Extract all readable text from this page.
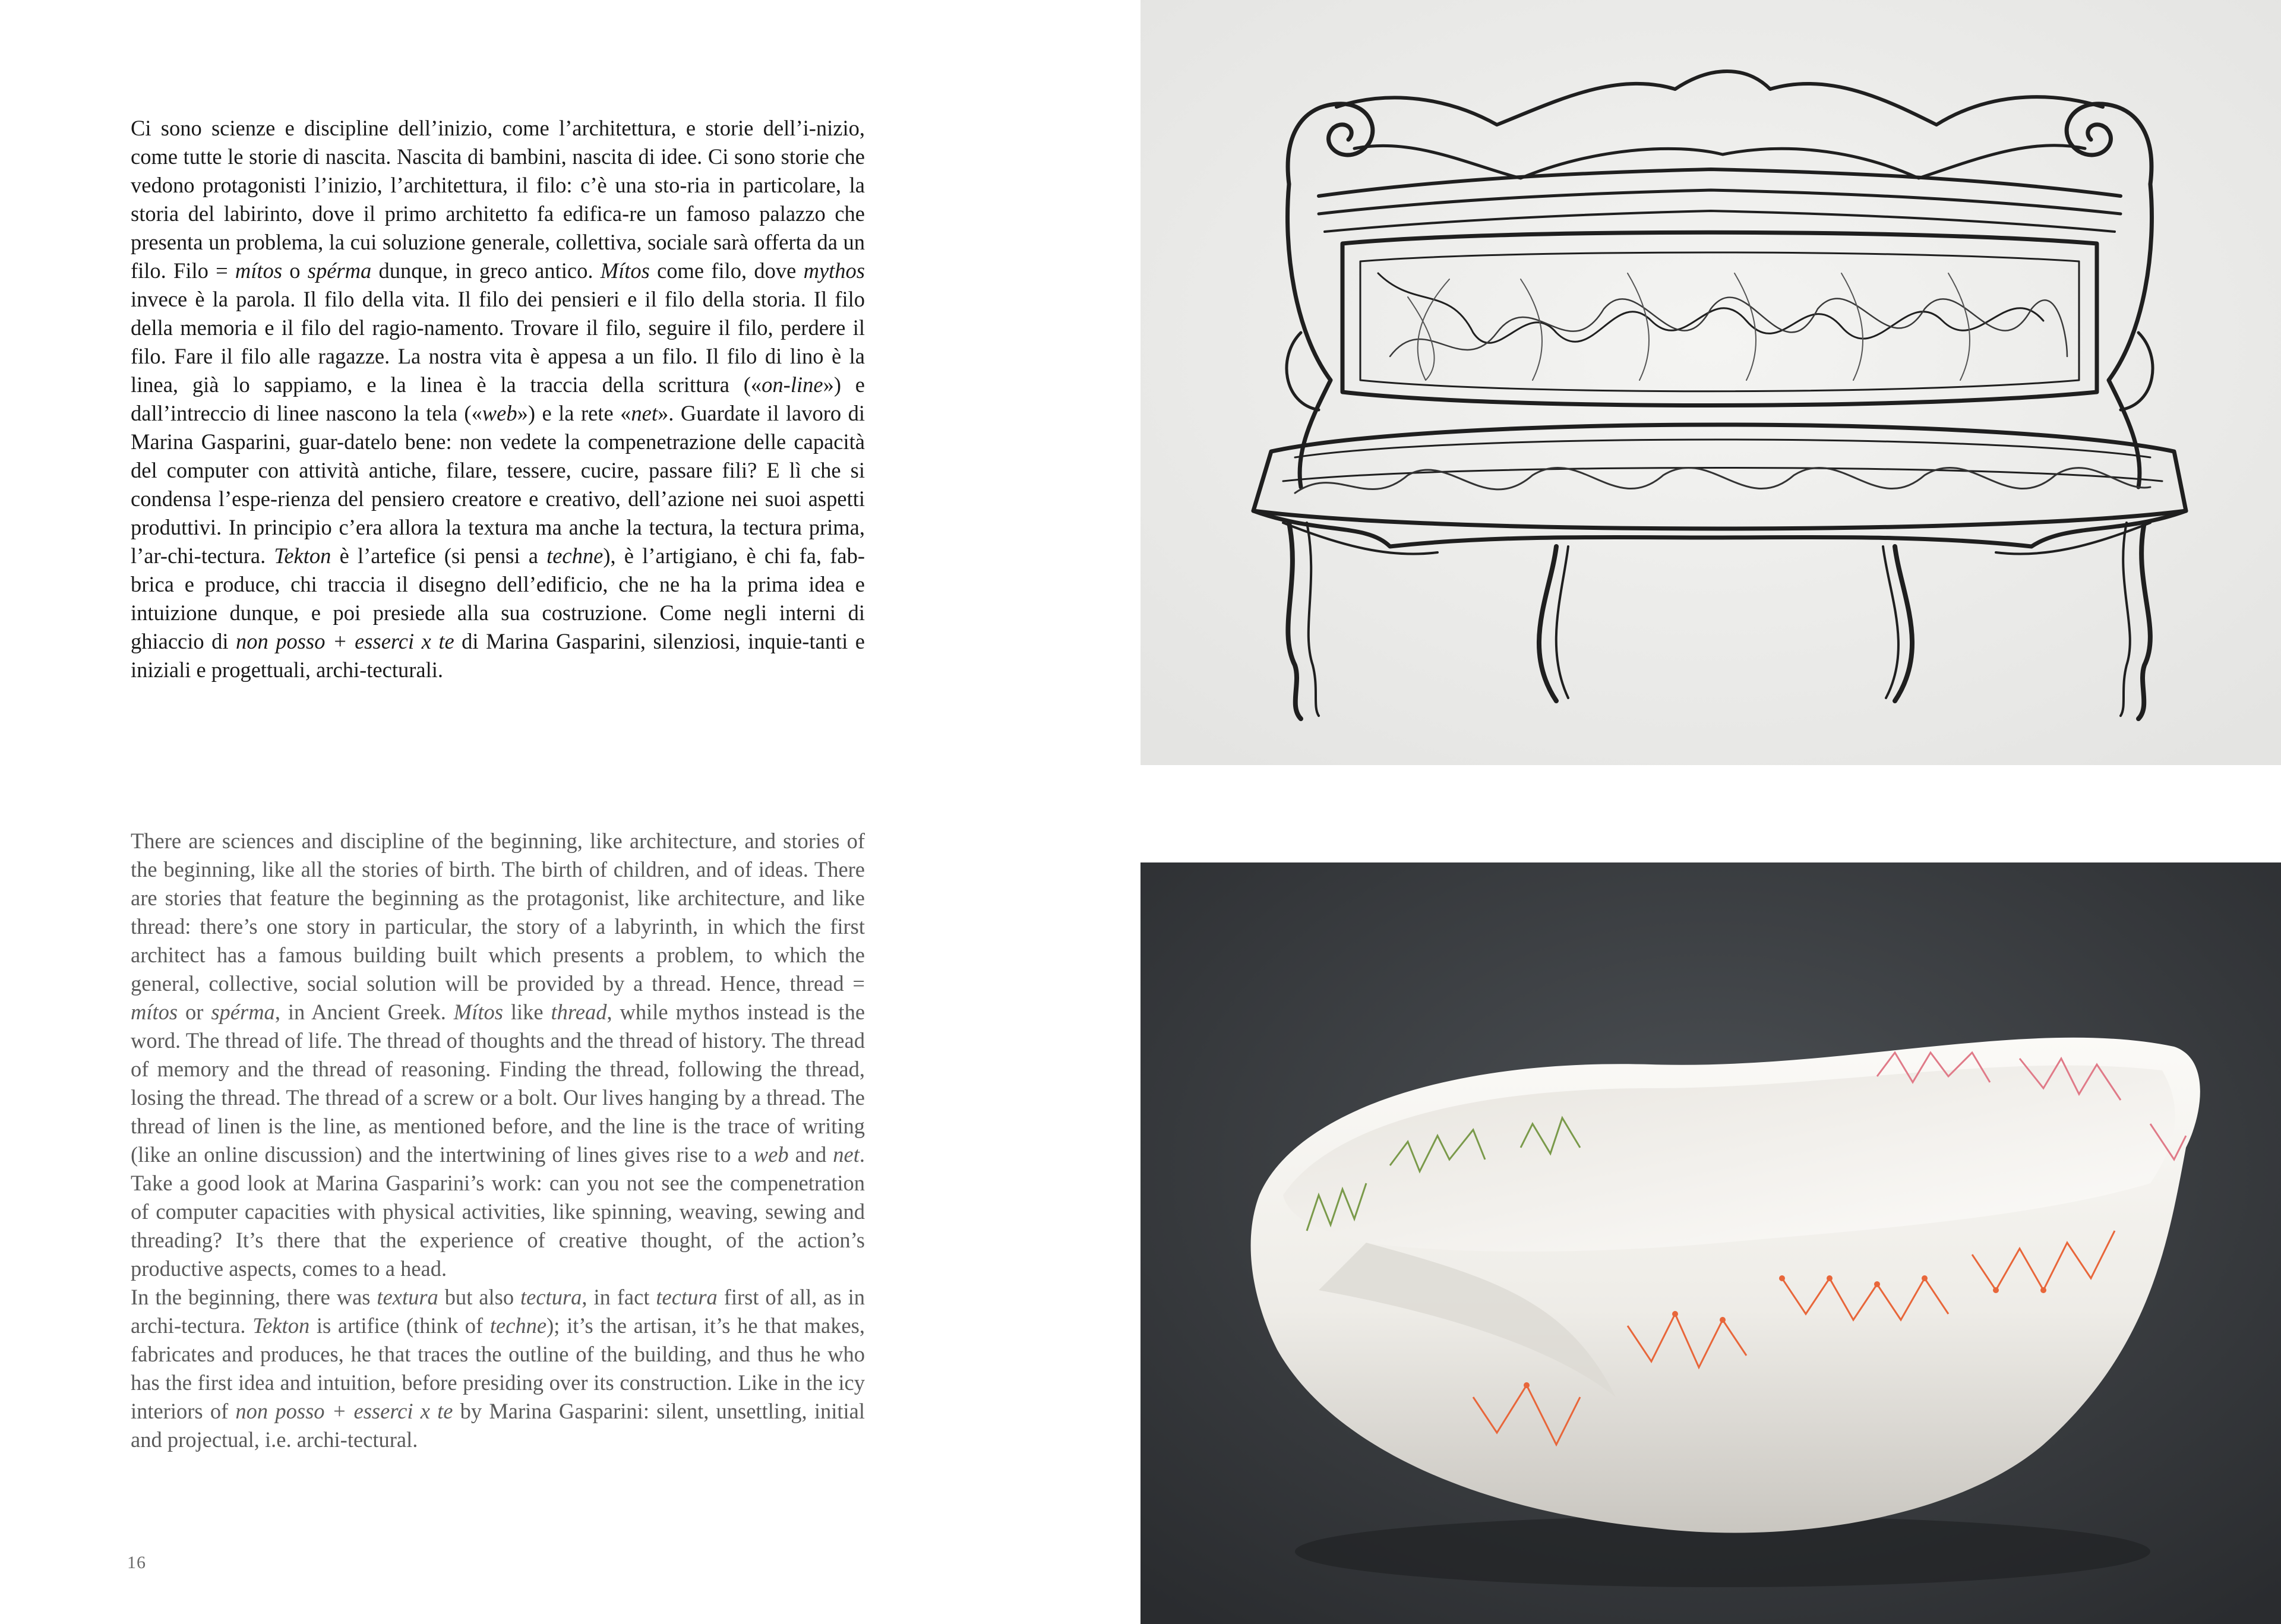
Ci sono scienze e discipline dell’inizio, come l’architettura, e storie dell’i-nizio, come tutte le storie di nascita. Nascita di bambini, nascita di idee. Ci sono storie che vedono protagonisti l’inizio, l’architettura, il filo: c’è una sto-ria in particolare, la storia del labirinto, dove il primo architetto fa edifica-re un famoso palazzo che presenta un problema, la cui soluzione generale, collettiva, sociale sarà offerta da un filo. Filo = mítos o spérma dunque, in greco antico. Mítos come filo, dove mythos invece è la parola. Il filo della vita. Il filo dei pensieri e il filo della storia. Il filo della memoria e il filo del ragio-namento. Trovare il filo, seguire il filo, perdere il filo. Fare il filo alle ragazze. La nostra vita è appesa a un filo. Il filo di lino è la linea, già lo sappiamo, e la linea è la traccia della scrittura («on-line») e dall’intreccio di linee nascono la tela («web») e la rete «net». Guardate il lavoro di Marina Gasparini, guar-datelo bene: non vedete la compenetrazione delle capacità del computer con attività antiche, filare, tessere, cucire, passare fili? E lì che si condensa l’espe-rienza del pensiero creatore e creativo, dell’azione nei suoi aspetti produttivi. In principio c’era allora la textura ma anche la tectura, la tectura prima, l’ar-chi-tectura. Tekton è l’artefice (si pensi a techne), è l’artigiano, è chi fa, fab-brica e produce, chi traccia il disegno dell’edificio, che ne ha la prima idea e intuizione dunque, e poi presiede alla sua costruzione. Come negli interni di ghiaccio di non posso + esserci x te di Marina Gasparini, silenziosi, inquie-tanti e iniziali e progettuali, archi-tecturali.

There are sciences and discipline of the beginning, like architecture, and stories of the beginning, like all the stories of birth. The birth of children, and of ideas. There are stories that feature the beginning as the protagonist, like architecture, and like thread: there’s one story in particular, the story of a labyrinth, in which the first architect has a famous building built which presents a problem, to which the general, collective, social solution will be provided by a thread. Hence, thread = mítos or spérma, in Ancient Greek. Mítos like thread, while mythos instead is the word. The thread of life. The thread of thoughts and the thread of history. The thread of memory and the thread of reasoning. Finding the thread, following the thread, losing the thread. The thread of a screw or a bolt. Our lives hanging by a thread. The thread of linen is the line, as mentioned before, and the line is the trace of writing (like an online discussion) and the intertwining of lines gives rise to a web and net. Take a good look at Marina Gasparini’s work: can you not see the compenetration of computer capacities with physical activities, like spinning, weaving, sewing and threading? It’s there that the experience of creative thought, of the action’s productive aspects, comes to a head.

In the beginning, there was textura but also tectura, in fact tectura first of all, as in archi-tectura. Tekton is artifice (think of techne); it’s the artisan, it’s he that makes, fabricates and produces, he that traces the outline of the building, and thus he who has the first idea and intuition, before presiding over its construction. Like in the icy interiors of non posso + esserci x te by Marina Gasparini: silent, unsettling, initial and projectual, i.e. archi-tectural.

16
